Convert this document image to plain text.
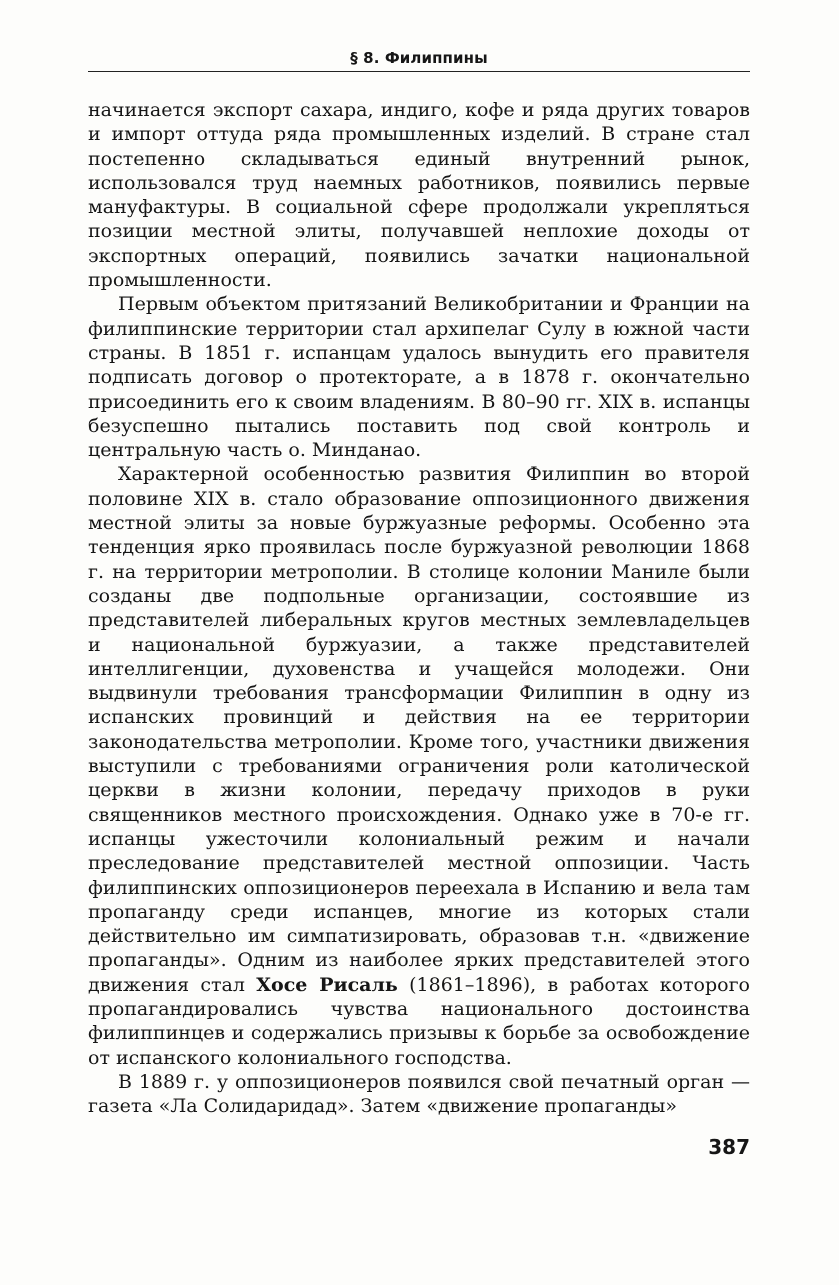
§ 8. Филиппины

начинается экспорт сахара, индиго, кофе и ряда других товаров и импорт оттуда ряда промышленных изделий. В стране стал постепенно складываться единый внутренний рынок, использовался труд наемных работников, появились первые мануфактуры. В социальной сфере продолжали укрепляться позиции местной элиты, получавшей неплохие доходы от экспортных операций, появились зачатки национальной промышленности.

Первым объектом притязаний Великобритании и Франции на филиппинские территории стал архипелаг Сулу в южной части страны. В 1851 г. испанцам удалось вынудить его правителя подписать договор о протекторате, а в 1878 г. окончательно присоединить его к своим владениям. В 80–90 гг. XIX в. испанцы безуспешно пытались поставить под свой контроль и центральную часть о. Минданао.

Характерной особенностью развития Филиппин во второй половине XIX в. стало образование оппозиционного движения местной элиты за новые буржуазные реформы. Особенно эта тенденция ярко проявилась после буржуазной революции 1868 г. на территории метрополии. В столице колонии Маниле были созданы две подпольные организации, состоявшие из представителей либеральных кругов местных землевладельцев и национальной буржуазии, а также представителей интеллигенции, духовенства и учащейся молодежи. Они выдвинули требования трансформации Филиппин в одну из испанских провинций и действия на ее территории законодательства метрополии. Кроме того, участники движения выступили с требованиями ограничения роли католической церкви в жизни колонии, передачу приходов в руки священников местного происхождения. Однако уже в 70-е гг. испанцы ужесточили колониальный режим и начали преследование представителей местной оппозиции. Часть филиппинских оппозиционеров переехала в Испанию и вела там пропаганду среди испанцев, многие из которых стали действительно им симпатизировать, образовав т.н. «движение пропаганды». Одним из наиболее ярких представителей этого движения стал Хосе Рисаль (1861–1896), в работах которого пропагандировались чувства национального достоинства филиппинцев и содержались призывы к борьбе за освобождение от испанского колониального господства.

В 1889 г. у оппозиционеров появился свой печатный орган — газета «Ла Солидаридад». Затем «движение пропаганды»

387
